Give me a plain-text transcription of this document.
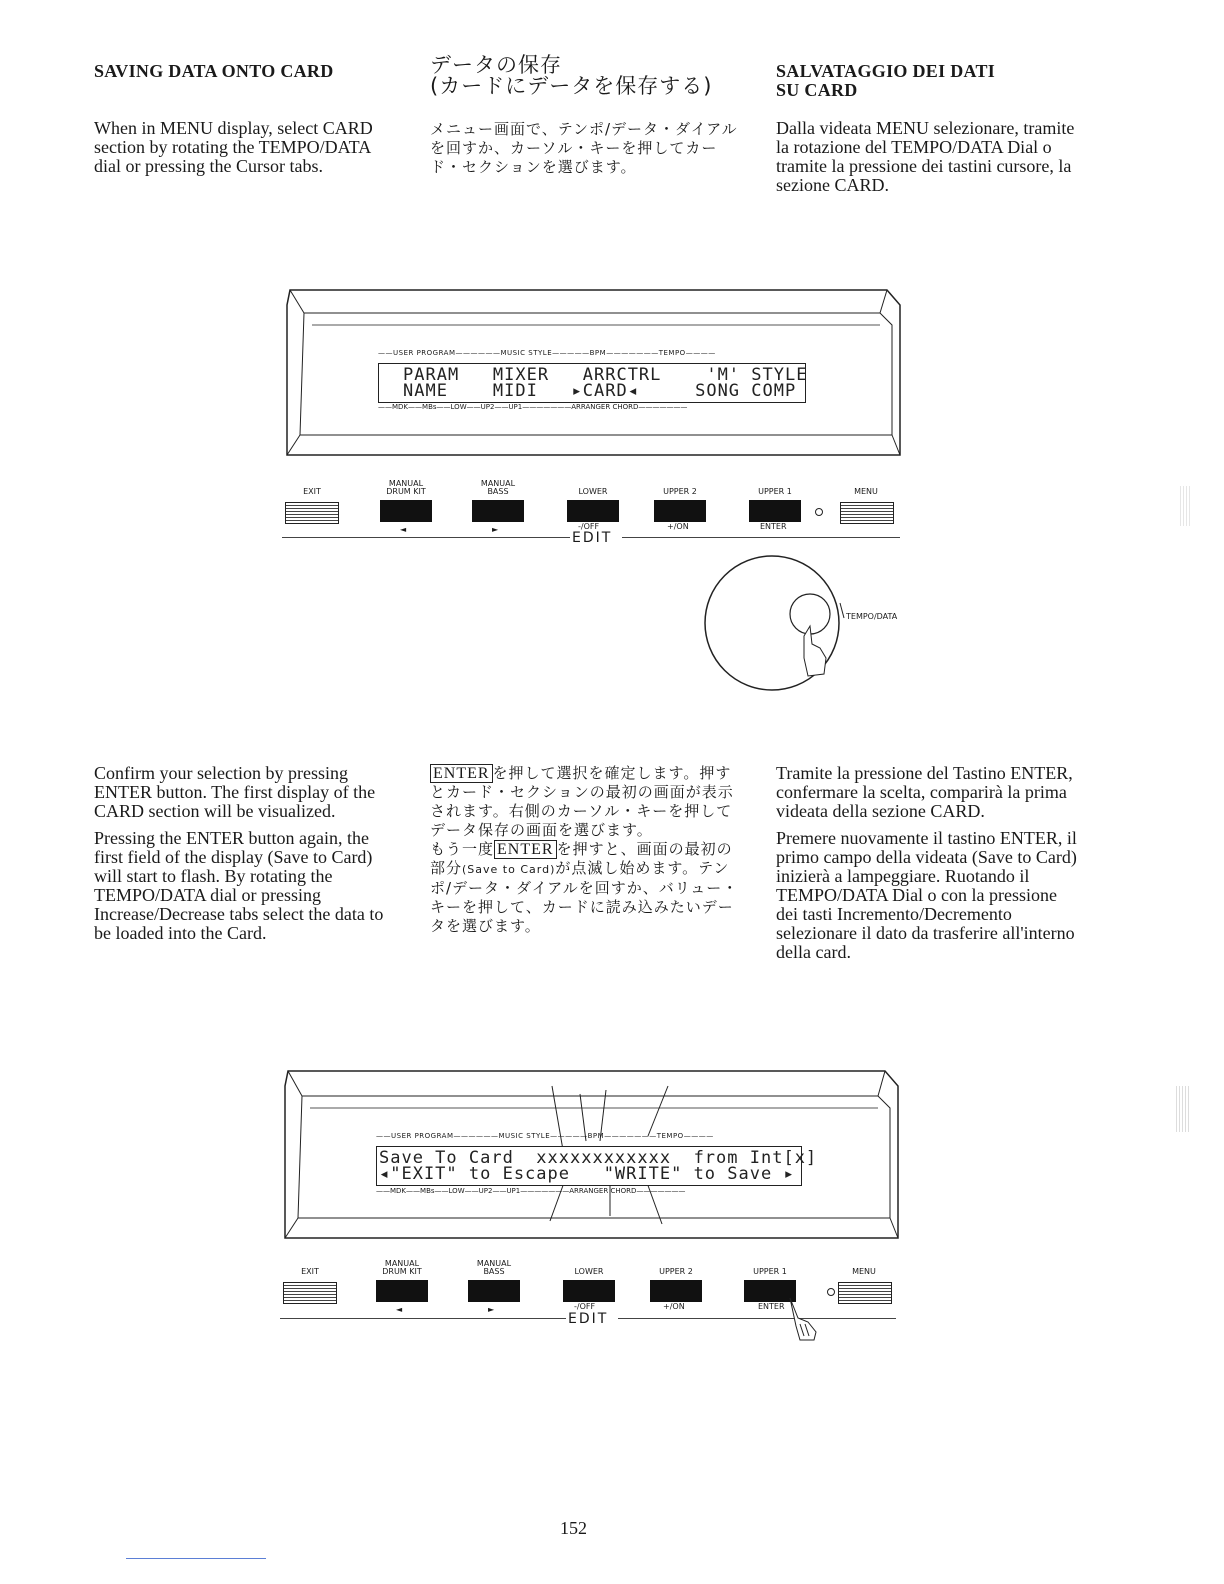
SAVING DATA ONTO CARD
When in MENU display, select CARD section by rotating the TEMPO/DATA dial or pressing the Cursor tabs.
データの保存
(カードにデータを保存する)
メニュー画面で、テンポ/データ・ダイアルを回すか、カーソル・キーを押してカード・セクションを選びます。
SALVATAGGIO DEI DATI
SU CARD
Dalla videata MENU selezionare, tramite la rotazione del TEMPO/DATA Dial o tramite la pressione dei tastini cursore, la sezione CARD.
——USER PROGRAM——————MUSIC STYLE—————BPM———————TEMPO————
PARAM   MIXER   ARRCTRL    'M' STYLE
NAME    MIDI   ▸CARD◂     SONG COMP
——MDK——MBs——LOW——UP2——UP1———————ARRANGER CHORD———————
EXIT
MANUAL
DRUM KIT
◄
MANUAL
BASS
►
LOWER
-/OFF
UPPER 2
+/ON
UPPER 1
ENTER
MENU
EDIT
TEMPO/DATA

Confirm your selection by pressing ENTER button. The first display of the CARD section will be visualized.

Pressing the ENTER button again, the first field of the display (Save to Card) will start to flash. By rotating the TEMPO/DATA dial or pressing Increase/Decrease tabs select the data to be loaded into the Card.

ENTER を押して選択を確定します。押すとカード・セクションの最初の画面が表示されます。右側のカーソル・キーを押してデータ保存の画面を選びます。

もう一度 ENTER を押すと、画面の最初の部分(Save to Card)が点滅し始めます。テンポ/データ・ダイアルを回すか、バリュー・キーを押して、カードに読み込みたいデータを選びます。

Tramite la pressione del Tastino ENTER, confermare la scelta, comparirà la prima videata della sezione CARD.

Premere nuovamente il tastino ENTER, il primo campo della videata (Save to Card) inizierà a lampeggiare. Ruotando il TEMPO/DATA Dial o con la pressione dei tasti Incremento/Decremento selezionare il dato da trasferire all'interno della card.

——USER PROGRAM——————MUSIC STYLE—————BPM———————TEMPO————
Save To Card  xxxxxxxxxxxx  from Int[x]
◂"EXIT" to Escape   "WRITE" to Save ▸
——MDK——MBs——LOW——UP2——UP1———————ARRANGER CHORD———————
EXIT
MANUAL
DRUM KIT
◄
MANUAL
BASS
►
LOWER
-/OFF
UPPER 2
+/ON
UPPER 1
ENTER
MENU
EDIT
152
